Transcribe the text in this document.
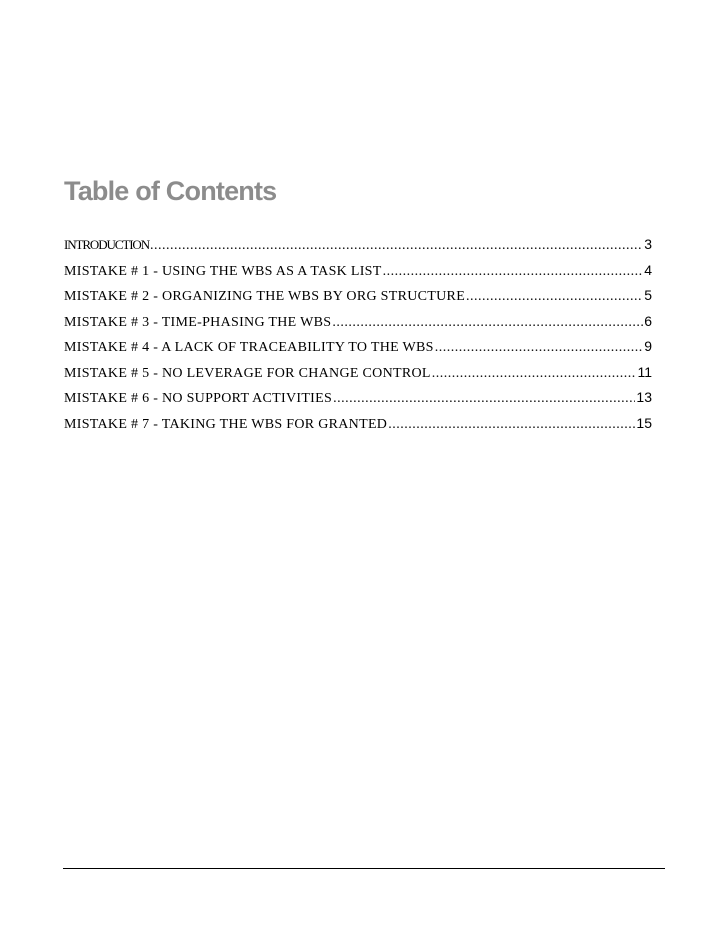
Table of Contents
INTRODUCTION .....	3
MISTAKE # 1 - USING THE WBS AS A TASK LIST .....	4
MISTAKE # 2 - ORGANIZING THE WBS BY ORG STRUCTURE .....	5
MISTAKE # 3 - TIME-PHASING THE WBS .....	6
MISTAKE # 4 - A LACK OF TRACEABILITY TO THE WBS .....	9
MISTAKE # 5 - NO LEVERAGE FOR CHANGE CONTROL .....	11
MISTAKE # 6 - NO SUPPORT ACTIVITIES .....	13
MISTAKE # 7 - TAKING THE WBS FOR GRANTED .....	15
